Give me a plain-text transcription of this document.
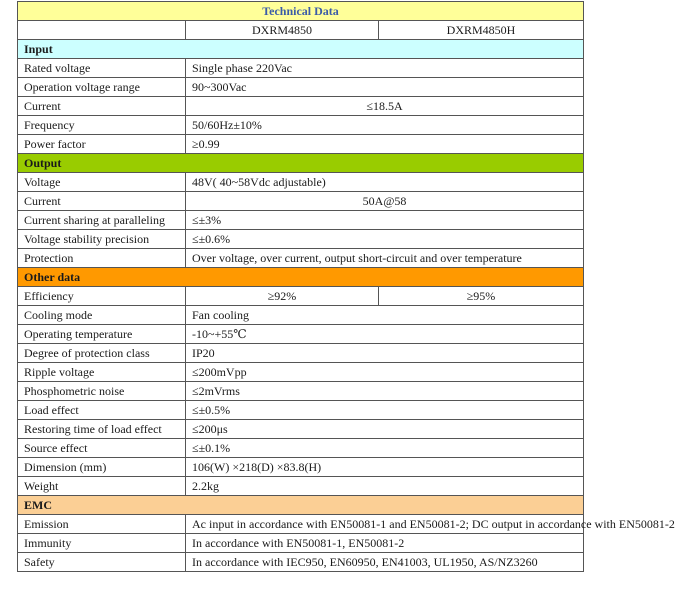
Technical Data		
	DXRM4850	DXRM4850H
Input		
Rated voltage	Single phase 220Vac	
Operation voltage range	90~300Vac	
Current	≤18.5A	
Frequency	50/60Hz±10%	
Power factor	≥0.99	
Output		
Voltage	48V( 40~58Vdc adjustable)	
Current	50A@58	
Current sharing at paralleling	≤±3%	
Voltage stability precision	≤±0.6%	
Protection	Over voltage, over current, output short-circuit and over temperature	
Other data		
Efficiency	≥92%	≥95%
Cooling mode	Fan cooling	
Operating temperature	-10~+55℃	
Degree of protection class	IP20	
Ripple voltage	≤200mVpp	
Phosphometric noise	≤2mVrms	
Load effect	≤±0.5%	
Restoring time of load effect	≤200μs	
Source effect	≤±0.1%	
Dimension (mm)	106(W) ×218(D) ×83.8(H)	
Weight	2.2kg	
EMC		
Emission	Ac input in accordance with EN50081-1 and EN50081-2; DC output in accordance with EN50081-2	
Immunity	In accordance with EN50081-1, EN50081-2	
Safety	In accordance with IEC950, EN60950, EN41003, UL1950, AS/NZ3260	
